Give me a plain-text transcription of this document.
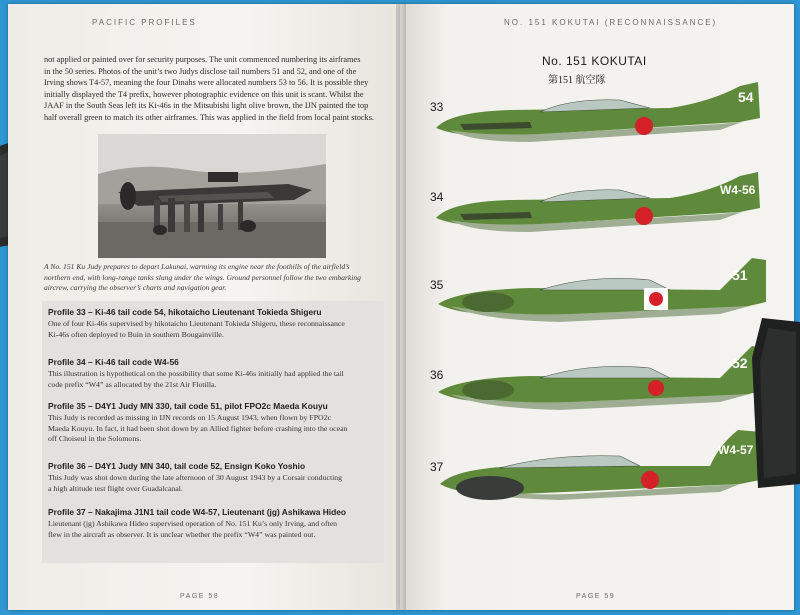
PACIFIC PROFILES
not applied or painted over for security purposes. The unit commenced numbering its airframes
in the 50 series. Photos of the unit’s two Judys disclose tail numbers 51 and 52, and one of the
Irving shows T4-57, meaning the four Dinahs were allocated numbers 53 to 56. It is possible they
initially displayed the T4 prefix, however photographic evidence on this unit is scant. Whilst the
JAAF in the South Seas left its Ki-46s in the Mitsubishi light olive brown, the IJN painted the top
half overall green to match its other airframes. This was applied in the field from local paint stocks.
A No. 151 Ku Judy prepares to depart Lakunai, warming its engine near the foothills of the airfield’s
northern end, with long-range tanks slung under the wings. Ground personnel follow the two embarking
aircrew, carrying the observer’s charts and navigation gear.
Profile 33 – Ki-46 tail code 54, hikotaicho Lieutenant Tokieda Shigeru
One of four Ki-46s supervised by hikotaicho Lieutenant Tokieda Shigeru, these reconnaissance
Ki-46s often deployed to Buin in southern Bougainville.
Profile 34 – Ki-46 tail code W4-56
This illustration is hypothetical on the possibility that some Ki-46s initially had applied the tail
code prefix “W4” as allocated by the 21st Air Flotilla.
Profile 35 – D4Y1 Judy MN 330, tail code 51, pilot FPO2c Maeda Kouyu
This Judy is recorded as missing in IJN records on 15 August 1943, when flown by FPO2c
Maeda Kouyu. In fact, it had been shot down by an Allied fighter before crashing into the ocean
off Choiseul in the Solomons.
Profile 36 – D4Y1 Judy MN 340, tail code 52, Ensign Koko Yoshio
This Judy was shot down during the late afternoon of 30 August 1943 by a Corsair conducting
a high altitude test flight over Guadalcanal.
Profile 37 – Nakajima J1N1 tail code W4-57, Lieutenant (jg) Ashikawa Hideo
Lieutenant (jg) Ashikawa Hideo supervised operation of No. 151 Ku’s only Irving, and often
flew in the aircraft as observer. It is unclear whether the prefix “W4” was painted out.
PAGE 58
NO. 151 KOKUTAI (RECONNAISSANCE)
No. 151 KOKUTAI
第151 航空隊
33
54
34	W4-56
35
51
36
52
37
W4-57
PAGE 59
